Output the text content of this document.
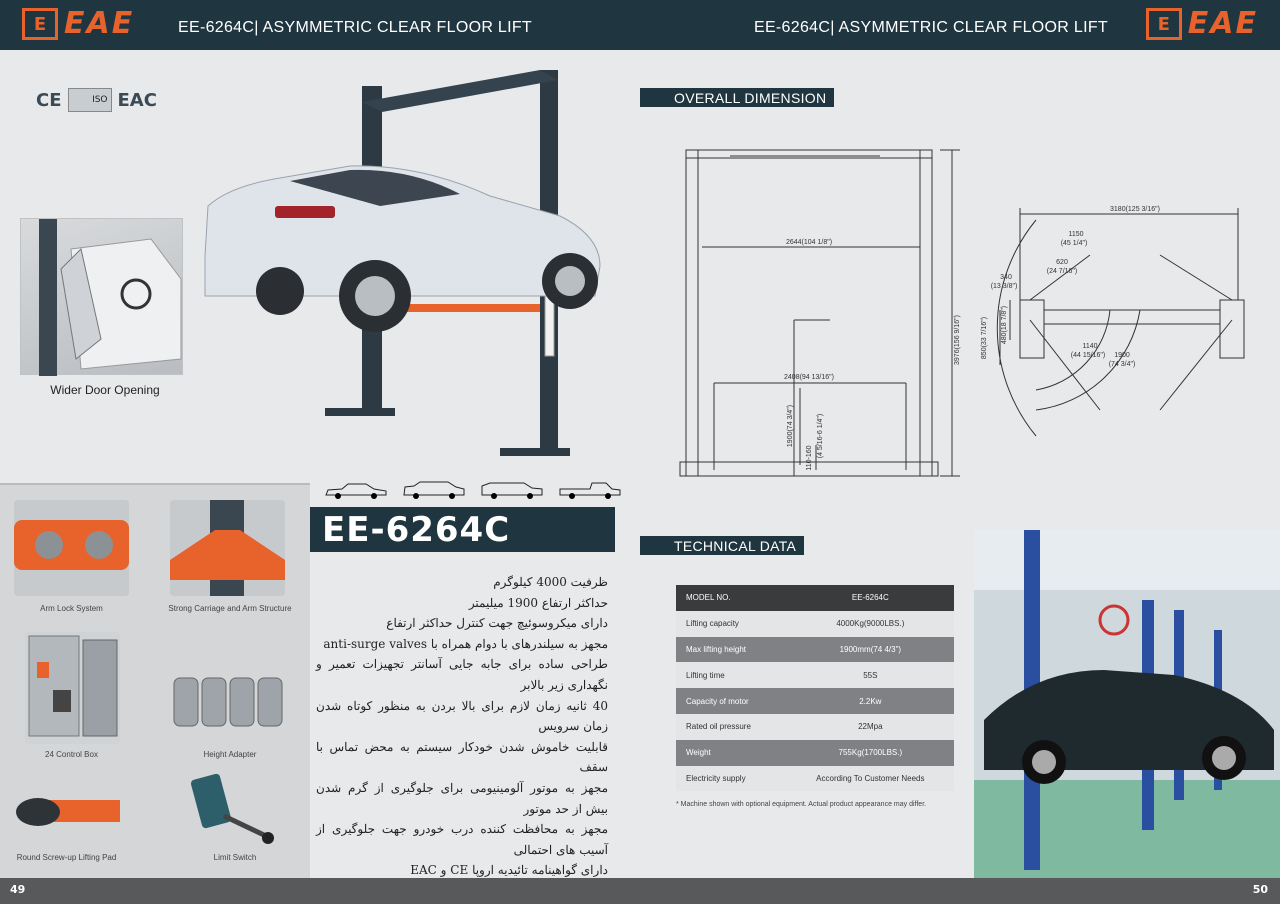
E EAE	EE-6264C| ASYMMETRIC CLEAR FLOOR LIFT	EE-6264C| ASYMMETRIC CLEAR FLOOR LIFT	E EAE
CE	ISO EAC
Wider Door Opening
Arm Lock System	Strong Carriage and Arm Structure
24 Control Box	Height Adapter
Round Screw-up Lifting Pad	Limit Switch
EE-6264C

ظرفیت 4000 کیلوگرم

حداکثر ارتفاع 1900 میلیمتر

دارای میکروسوئیچ جهت کنترل حداکثر ارتفاع

مجهز به سیلندرهای با دوام همراه با anti-surge valves

طراحی ساده برای جابه جایی آسانتر تجهیزات تعمیر و نگهداری زیر بالابر

40 ثانیه زمان لازم برای بالا بردن به منظور کوتاه شدن زمان سرویس

قابلیت خاموش شدن خودکار سیستم به محض تماس با سقف

مجهز به موتور آلومینیومی برای جلوگیری از گرم شدن بیش از حد موتور

مجهز به محافظت کننده درب خودرو جهت جلوگیری از آسیب های احتمالی

دارای گواهینامه تائیدیه اروپا CE و EAC

OVERALL DIMENSION
TECHNICAL DATA
2644(104 1/8")
2408(94 13/16")
3976(156 9/16")
1900(74 3/4")
110-160 (4 5/16-6 1/4")
3180(125 3/16")
1150
(45 1/4")
620
(24 7/16")
340
(13 3/8")
480(18 7/8")
850(33 7/16")	1140
(44 15/16") 1900
(74 3/4")
MODEL NO.	EE-6264C
Lifting capacity	4000Kg(9000LBS.)
Max lifting height	1900mm(74 4/3")
Lifting time	55S
Capacity of motor	2.2Kw
Rated oil pressure	22Mpa
Weight	755Kg(1700LBS.)
Electricity supply	According To Customer Needs
* Machine shown with optional equipment. Actual product appearance may differ.
49	50
